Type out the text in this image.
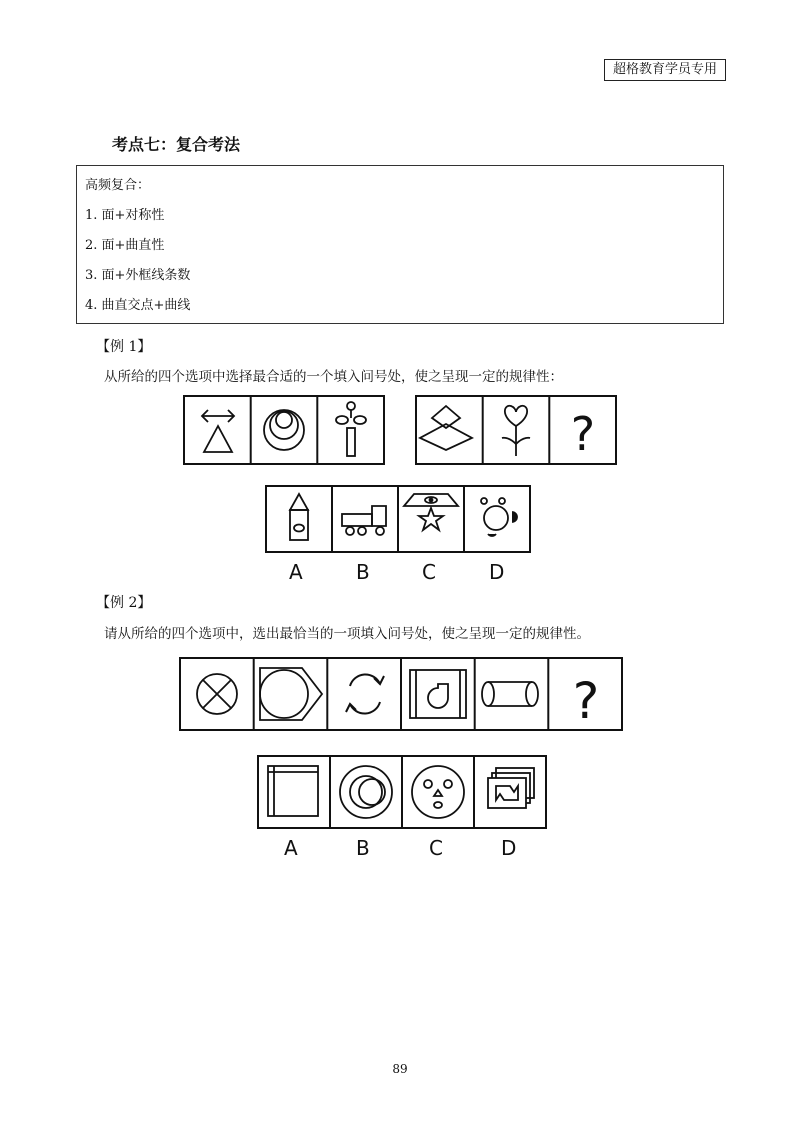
超格教育学员专用
考点七：复合考法
高频复合：
1. 面+对称性
2. 面+曲直性
3. 面+外框线条数
4. 曲直交点+曲线
【例 1】
从所给的四个选项中选择最合适的一个填入问号处，使之呈现一定的规律性：
?
A	B	C	D
【例 2】
请从所给的四个选项中，选出最恰当的一项填入问号处，使之呈现一定的规律性。
?
A	B	C	D
89
